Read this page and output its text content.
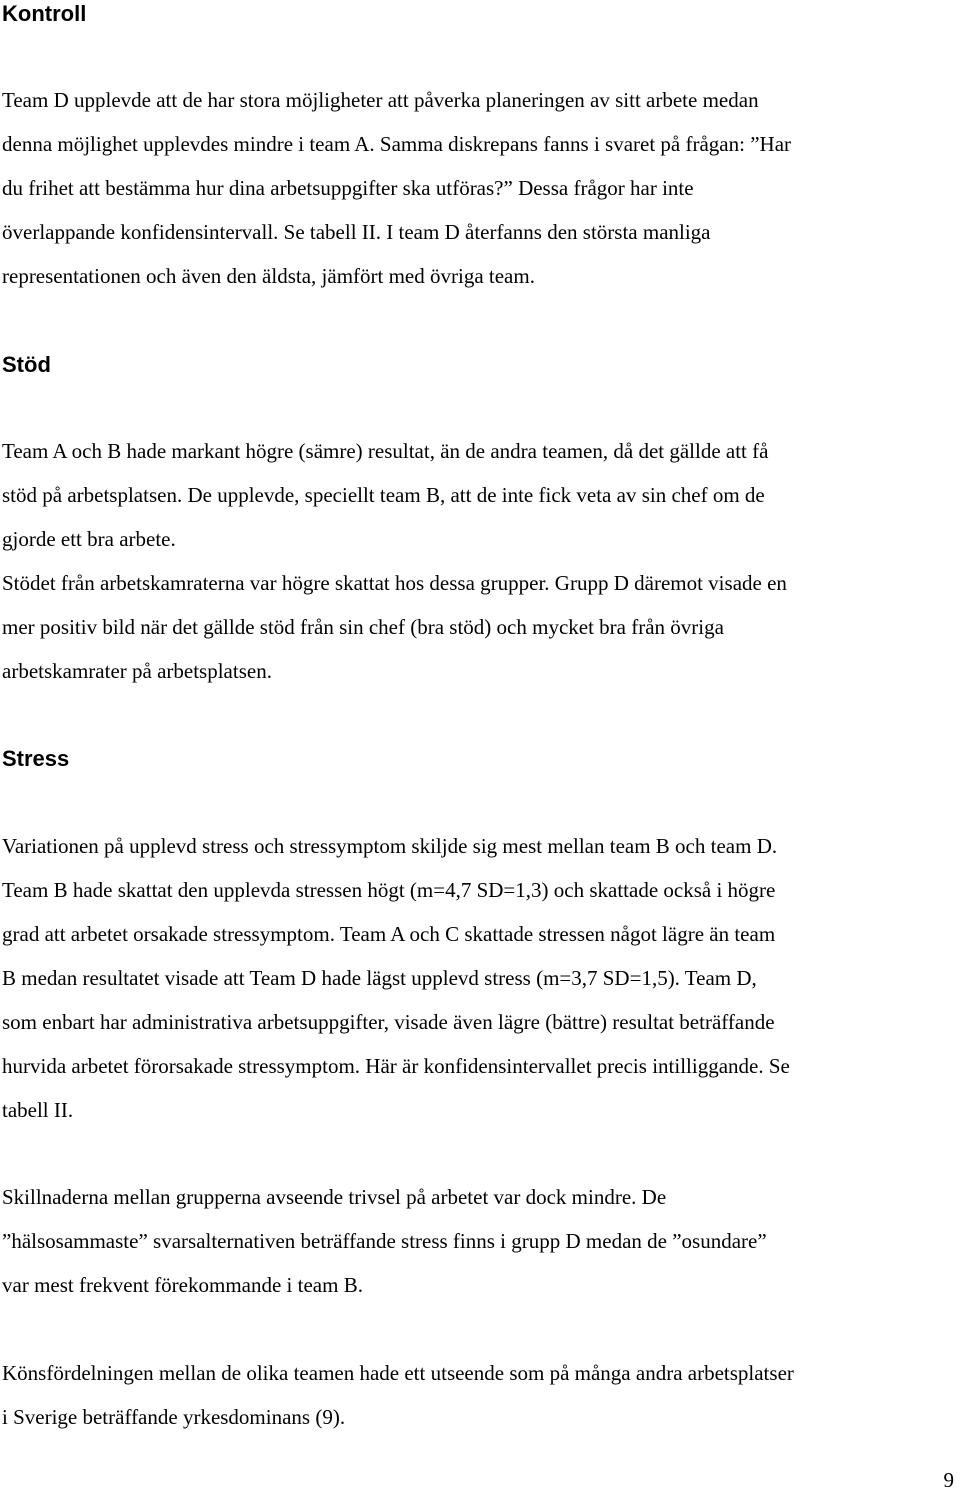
Kontroll

Team D upplevde att de har stora möjligheter att påverka planeringen av sitt arbete medan

denna möjlighet upplevdes mindre i team A. Samma diskrepans fanns i svaret på frågan: ”Har

du frihet att bestämma hur dina arbetsuppgifter ska utföras?” Dessa frågor har inte

överlappande konfidensintervall. Se tabell II. I team D återfanns den största manliga

representationen och även den äldsta, jämfört med övriga team.

Stöd

Team A och B hade markant högre (sämre) resultat, än de andra teamen, då det gällde att få

stöd på arbetsplatsen. De upplevde, speciellt team B, att de inte fick veta av sin chef om de

gjorde ett bra arbete.

Stödet från arbetskamraterna var högre skattat hos dessa grupper. Grupp D däremot visade en

mer positiv bild när det gällde stöd från sin chef (bra stöd) och mycket bra från övriga

arbetskamrater på arbetsplatsen.

Stress

Variationen på upplevd stress och stressymptom skiljde sig mest mellan team B och team D.

Team B hade skattat den upplevda stressen högt (m=4,7 SD=1,3) och skattade också i högre

grad att arbetet orsakade stressymptom. Team A och C skattade stressen något lägre än team

B medan resultatet visade att Team D hade lägst upplevd stress (m=3,7 SD=1,5). Team D,

som enbart har administrativa arbetsuppgifter, visade även lägre (bättre) resultat beträffande

hurvida arbetet förorsakade stressymptom. Här är konfidensintervallet precis intilliggande. Se

tabell II.

Skillnaderna mellan grupperna avseende trivsel på arbetet var dock mindre. De

”hälsosammaste” svarsalternativen beträffande stress finns i grupp D medan de ”osundare”

var mest frekvent förekommande i team B.

Könsfördelningen mellan de olika teamen hade ett utseende som på många andra arbetsplatser

i Sverige beträffande yrkesdominans (9).

9
